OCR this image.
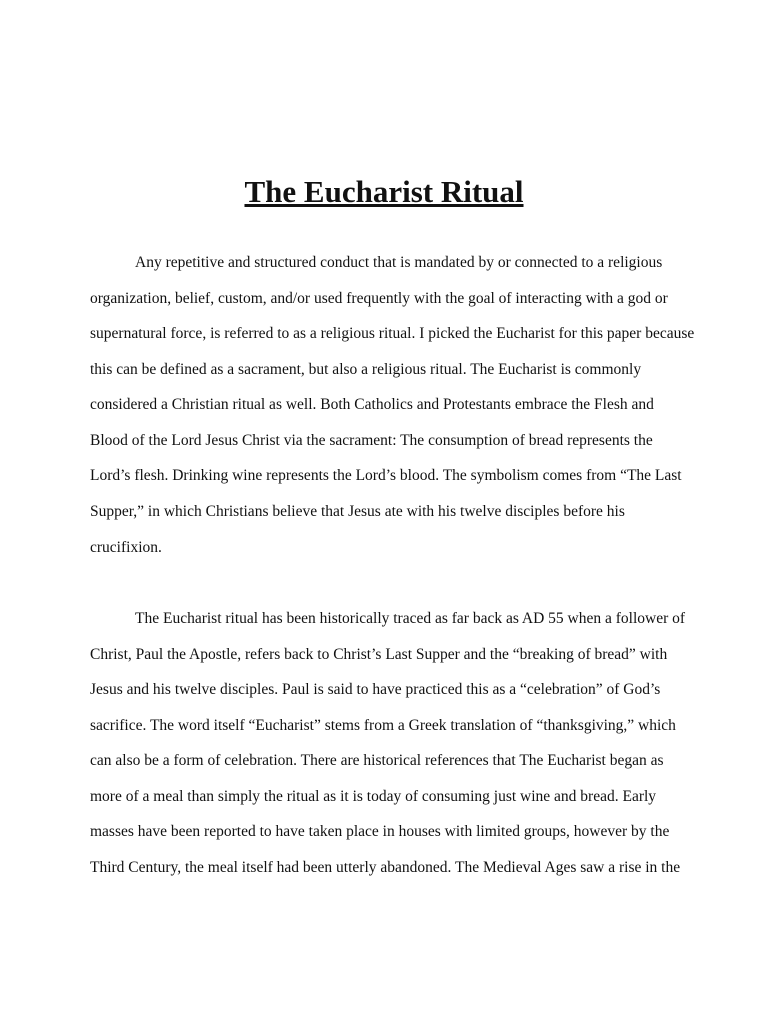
The Eucharist Ritual
Any repetitive and structured conduct that is mandated by or connected to a religious
organization, belief, custom, and/or used frequently with the goal of interacting with a god or
supernatural force, is referred to as a religious ritual. I picked the Eucharist for this paper because
this can be defined as a sacrament, but also a religious ritual. The Eucharist is commonly
considered a Christian ritual as well. Both Catholics and Protestants embrace the Flesh and
Blood of the Lord Jesus Christ via the sacrament: The consumption of bread represents the
Lord’s flesh. Drinking wine represents the Lord’s blood. The symbolism comes from “The Last
Supper,” in which Christians believe that Jesus ate with his twelve disciples before his
crucifixion.
The Eucharist ritual has been historically traced as far back as AD 55 when a follower of
Christ, Paul the Apostle, refers back to Christ’s Last Supper and the “breaking of bread” with
Jesus and his twelve disciples. Paul is said to have practiced this as a “celebration” of God’s
sacrifice. The word itself “Eucharist” stems from a Greek translation of “thanksgiving,” which
can also be a form of celebration. There are historical references that The Eucharist began as
more of a meal than simply the ritual as it is today of consuming just wine and bread. Early
masses have been reported to have taken place in houses with limited groups, however by the
Third Century, the meal itself had been utterly abandoned. The Medieval Ages saw a rise in the
